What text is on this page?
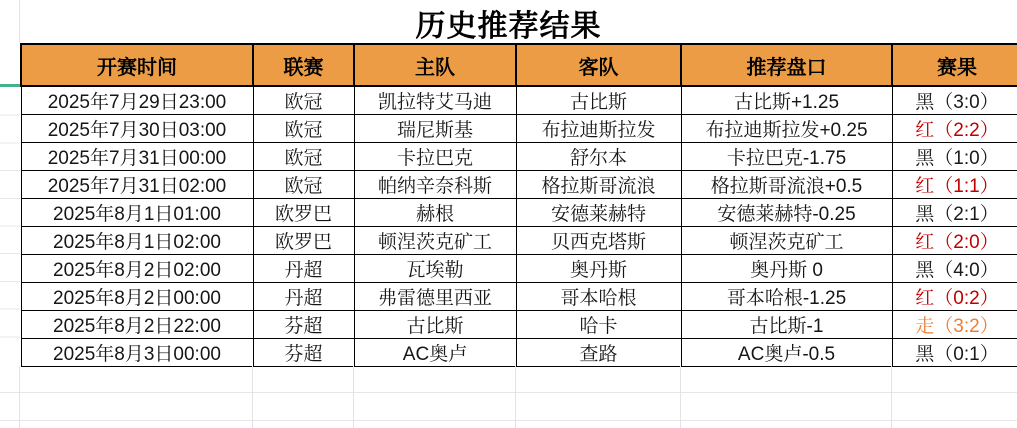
历史推荐结果
开赛时间	联赛	主队	客队	推荐盘口	赛果
2025年7月29日23:00	欧冠	凯拉特艾马迪	古比斯	古比斯+1.25	黑（3:0）
2025年7月30日03:00	欧冠	瑞尼斯基	布拉迪斯拉发	布拉迪斯拉发+0.25	红（2:2）
2025年7月31日00:00	欧冠	卡拉巴克	舒尔本	卡拉巴克-1.75	黑（1:0）
2025年7月31日02:00	欧冠	帕纳辛奈科斯	格拉斯哥流浪	格拉斯哥流浪+0.5	红（1:1）
2025年8月1日01:00	欧罗巴	赫根	安德莱赫特	安德莱赫特-0.25	黑（2:1）
2025年8月1日02:00	欧罗巴	顿涅茨克矿工	贝西克塔斯	顿涅茨克矿工	红（2:0）
2025年8月2日02:00	丹超	瓦埃勒	奥丹斯	奥丹斯 0	黑（4:0）
2025年8月2日00:00	丹超	弗雷德里西亚	哥本哈根	哥本哈根-1.25	红（0:2）
2025年8月2日22:00	芬超	古比斯	哈卡	古比斯-1	走（3:2）
2025年8月3日00:00	芬超	AC奥卢	查路	AC奥卢-0.5	黑（0:1）
